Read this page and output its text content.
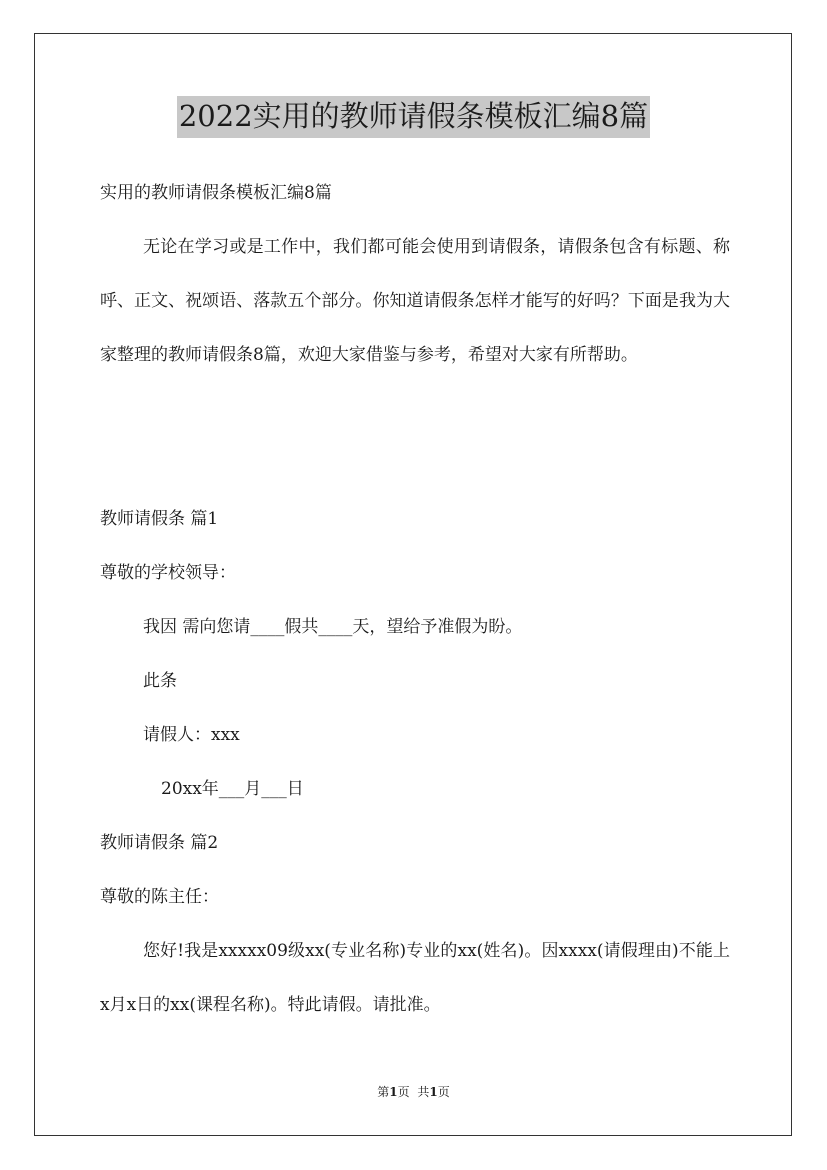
2022实用的教师请假条模板汇编8篇
实用的教师请假条模板汇编8篇

无论在学习或是工作中，我们都可能会使用到请假条，请假条包含有标题、称呼、正文、祝颂语、落款五个部分。你知道请假条怎样才能写的好吗？下面是我为大家整理的教师请假条8篇，欢迎大家借鉴与参考，希望对大家有所帮助。

教师请假条 篇1
尊敬的学校领导：
我因 需向您请____假共____天，望给予准假为盼。
此条
请假人：xxx
20xx年___月___日
教师请假条 篇2
尊敬的陈主任：

您好!我是xxxxx09级xx(专业名称)专业的xx(姓名)。因xxxx(请假理由)不能上x月x日的xx(课程名称)。特此请假。请批准。

第1页 共1页
